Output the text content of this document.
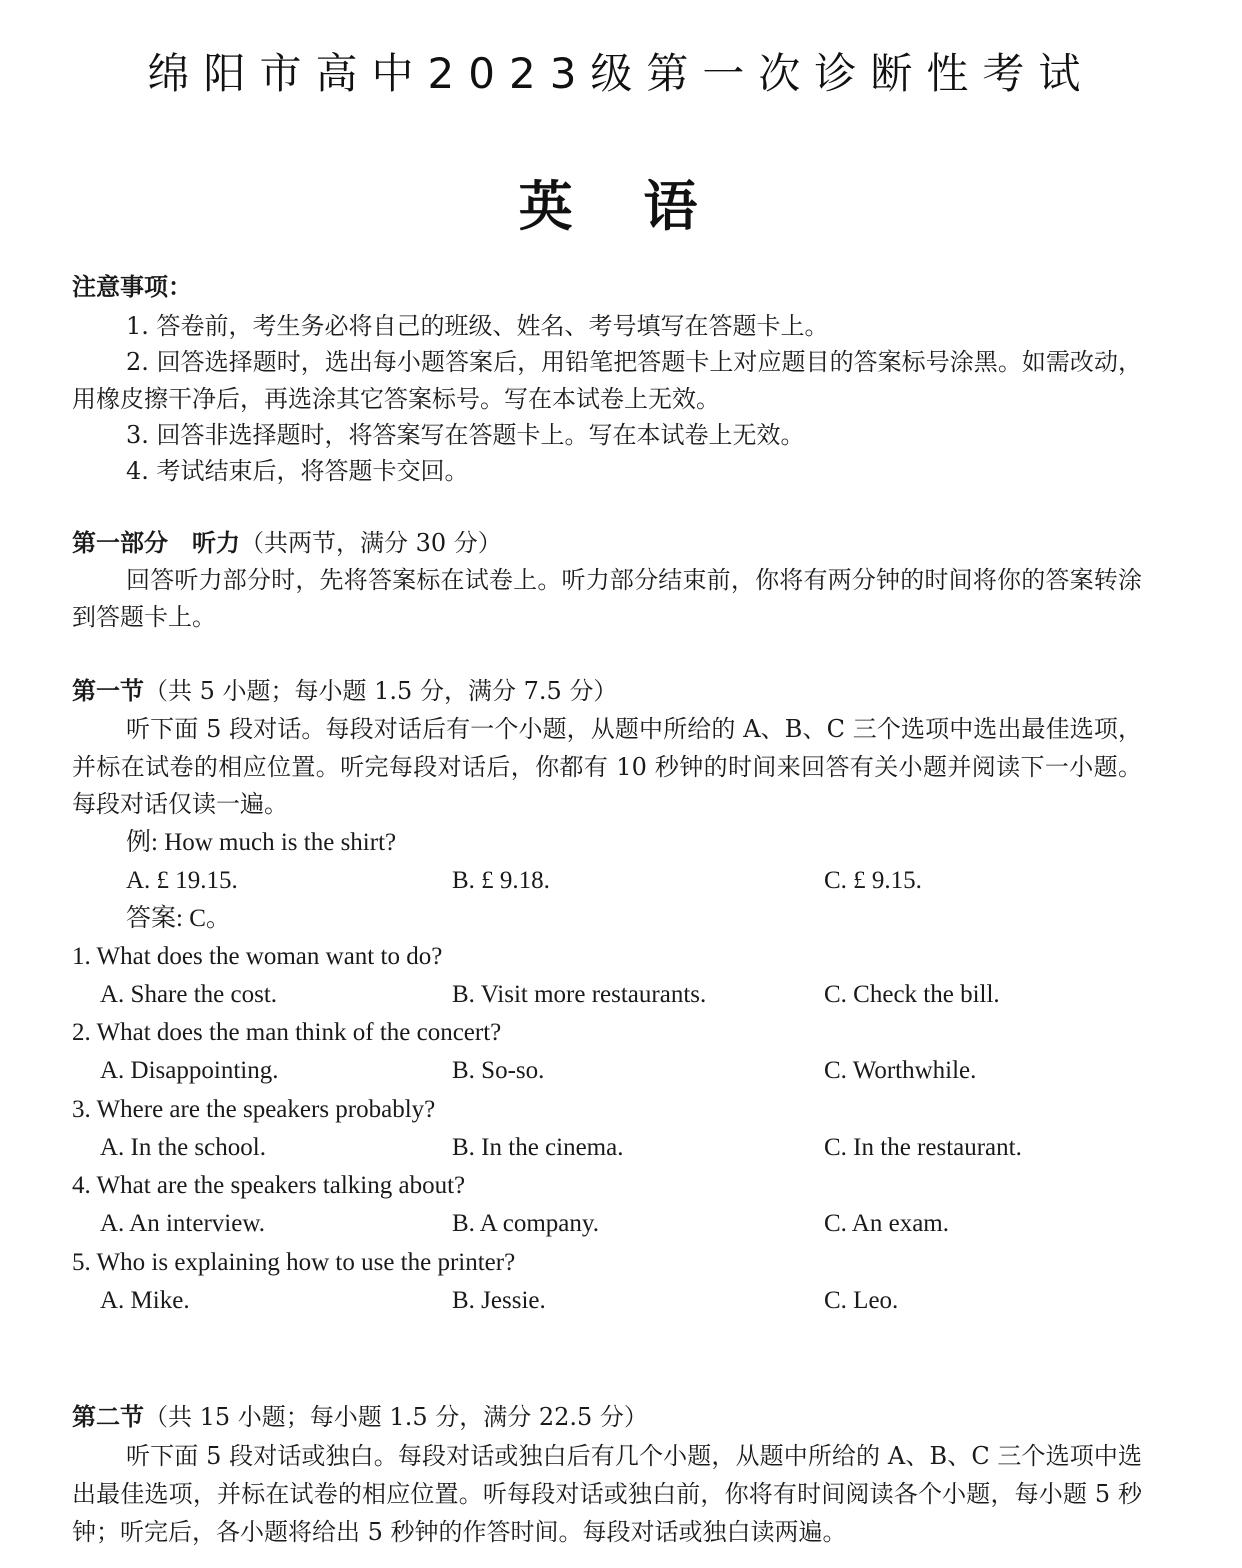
绵阳市高中2023级第一次诊断性考试
英 语
注意事项：
1. 答卷前，考生务必将自己的班级、姓名、考号填写在答题卡上。
2. 回答选择题时，选出每小题答案后，用铅笔把答题卡上对应题目的答案标号涂黑。如需改动，用橡皮擦干净后，再选涂其它答案标号。写在本试卷上无效。
3. 回答非选择题时，将答案写在答题卡上。写在本试卷上无效。
4. 考试结束后，将答题卡交回。
第一部分　听力（共两节，满分 30 分）
回答听力部分时，先将答案标在试卷上。听力部分结束前，你将有两分钟的时间将你的答案转涂到答题卡上。
第一节（共 5 小题；每小题 1.5 分，满分 7.5 分）
听下面 5 段对话。每段对话后有一个小题，从题中所给的 A、B、C 三个选项中选出最佳选项，并标在试卷的相应位置。听完每段对话后，你都有 10 秒钟的时间来回答有关小题并阅读下一小题。每段对话仅读一遍。
例: How much is the shirt?
A. £ 19.15.	B. £ 9.18.	C. £ 9.15.
答案: C。
1. What does the woman want to do?
A. Share the cost.	B. Visit more restaurants.	C. Check the bill.
2. What does the man think of the concert?
A. Disappointing.	B. So-so.	C. Worthwhile.
3. Where are the speakers probably?
A. In the school.	B. In the cinema.	C. In the restaurant.
4. What are the speakers talking about?
A. An interview.	B. A company.	C. An exam.
5. Who is explaining how to use the printer?
A. Mike.	B. Jessie.	C. Leo.
第二节（共 15 小题；每小题 1.5 分，满分 22.5 分）
听下面 5 段对话或独白。每段对话或独白后有几个小题，从题中所给的 A、B、C 三个选项中选出最佳选项，并标在试卷的相应位置。听每段对话或独白前，你将有时间阅读各个小题，每小题 5 秒钟；听完后，各小题将给出 5 秒钟的作答时间。每段对话或独白读两遍。
